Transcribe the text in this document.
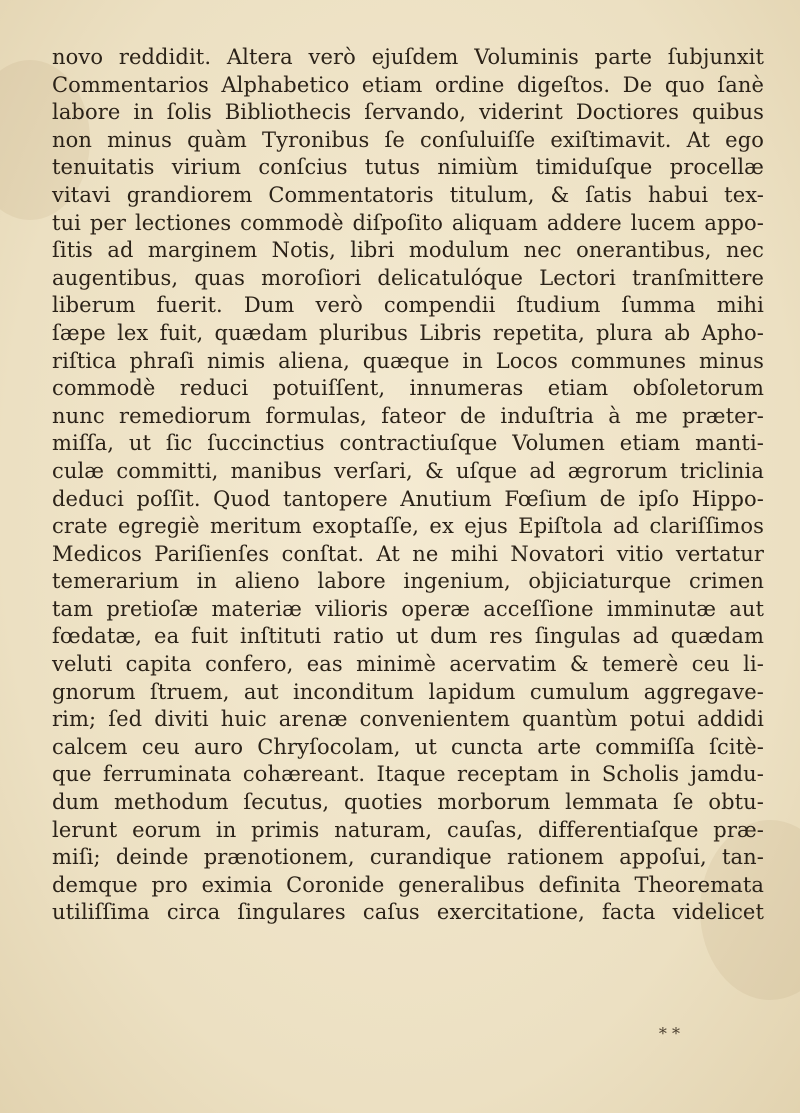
novo reddidit. Altera verò ejuſdem Voluminis parte ſubjunxit
Commentarios Alphabetico etiam ordine digeſtos. De quo ſanè
labore in ſolis Bibliothecis ſervando, viderint Doctiores quibus
non minus quàm Tyronibus ſe conſuluiſſe exiſtimavit. At ego
tenuitatis virium conſcius tutus nimiùm timiduſque procellæ
vitavi grandiorem Commentatoris titulum, & ſatis habui tex-
tui per lectiones commodè diſpoſito aliquam addere lucem appo-
ſitis ad marginem Notis, libri modulum nec onerantibus, nec
augentibus, quas moroſiori delicatulóque Lectori tranſmittere
liberum fuerit. Dum verò compendii ſtudium ſumma mihi
ſæpe lex fuit, quædam pluribus Libris repetita, plura ab Apho-
riſtica phraſi nimis aliena, quæque in Locos communes minus
commodè reduci potuiſſent, innumeras etiam obſoletorum
nunc remediorum formulas, fateor de induſtria à me præter-
miſſa, ut ſic ſuccinctius contractiuſque Volumen etiam manti-
culæ committi, manibus verſari, & uſque ad ægrorum triclinia
deduci poſſit. Quod tantopere Anutium Fœſium de ipſo Hippo-
crate egregiè meritum exoptaſſe, ex ejus Epiſtola ad clariſſimos
Medicos Pariſienſes conſtat. At ne mihi Novatori vitio vertatur
temerarium in alieno labore ingenium, objiciaturque crimen
tam pretioſæ materiæ vilioris operæ acceſſione imminutæ aut
fœdatæ, ea fuit inſtituti ratio ut dum res ſingulas ad quædam
veluti capita confero, eas minimè acervatim & temerè ceu li-
gnorum ſtruem, aut inconditum lapidum cumulum aggregave-
rim; ſed diviti huic arenæ convenientem quantùm potui addidi
calcem ceu auro Chryſocolam, ut cuncta arte commiſſa ſcitè-
que ferruminata cohæreant. Itaque receptam in Scholis jamdu-
dum methodum ſecutus, quoties morborum lemmata ſe obtu-
lerunt eorum in primis naturam, cauſas, differentiaſque præ-
miſi; deinde prænotionem, curandique rationem appoſui, tan-
demque pro eximia Coronide generalibus definita Theoremata
utiliſſima circa ſingulares caſus exercitatione, facta videlicet
* *
